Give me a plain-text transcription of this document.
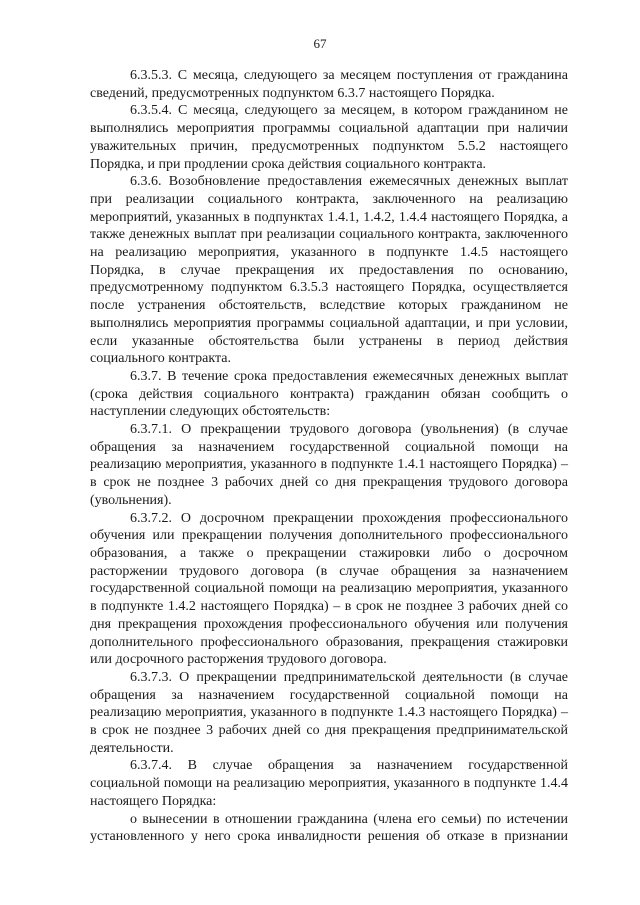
67

6.3.5.3. С месяца, следующего за месяцем поступления от гражданина сведений, предусмотренных подпунктом 6.3.7 настоящего Порядка.

6.3.5.4. С месяца, следующего за месяцем, в котором гражданином не выполнялись мероприятия программы социальной адаптации при наличии уважительных причин, предусмотренных подпунктом 5.5.2 настоящего Порядка, и при продлении срока действия социального контракта.

6.3.6. Возобновление предоставления ежемесячных денежных выплат при реализации социального контракта, заключенного на реализацию мероприятий, указанных в подпунктах 1.4.1, 1.4.2, 1.4.4 настоящего Порядка, а также денежных выплат при реализации социального контракта, заключенного на реализацию мероприятия, указанного в подпункте 1.4.5 настоящего Порядка, в случае прекращения их предоставления по основанию, предусмотренному подпунктом 6.3.5.3 настоящего Порядка, осуществляется после устранения обстоятельств, вследствие которых гражданином не выполнялись мероприятия программы социальной адаптации, и при условии, если указанные обстоятельства были устранены в период действия социального контракта.

6.3.7. В течение срока предоставления ежемесячных денежных выплат (срока действия социального контракта) гражданин обязан сообщить о наступлении следующих обстоятельств:

6.3.7.1. О прекращении трудового договора (увольнения) (в случае обращения за назначением государственной социальной помощи на реализацию мероприятия, указанного в подпункте 1.4.1 настоящего Порядка) – в срок не позднее 3 рабочих дней со дня прекращения трудового договора (увольнения).

6.3.7.2. О досрочном прекращении прохождения профессионального обучения или прекращении получения дополнительного профессионального образования, а также о прекращении стажировки либо о досрочном расторжении трудового договора (в случае обращения за назначением государственной социальной помощи на реализацию мероприятия, указанного в подпункте 1.4.2 настоящего Порядка) – в срок не позднее 3 рабочих дней со дня прекращения прохождения профессионального обучения или получения дополнительного профессионального образования, прекращения стажировки или досрочного расторжения трудового договора.

6.3.7.3. О прекращении предпринимательской деятельности (в случае обращения за назначением государственной социальной помощи на реализацию мероприятия, указанного в подпункте 1.4.3 настоящего Порядка) – в срок не позднее 3 рабочих дней со дня прекращения предпринимательской деятельности.

6.3.7.4. В случае обращения за назначением государственной социальной помощи на реализацию мероприятия, указанного в подпункте 1.4.4 настоящего Порядка:

о вынесении в отношении гражданина (члена его семьи) по истечении установленного у него срока инвалидности решения об отказе в признании
